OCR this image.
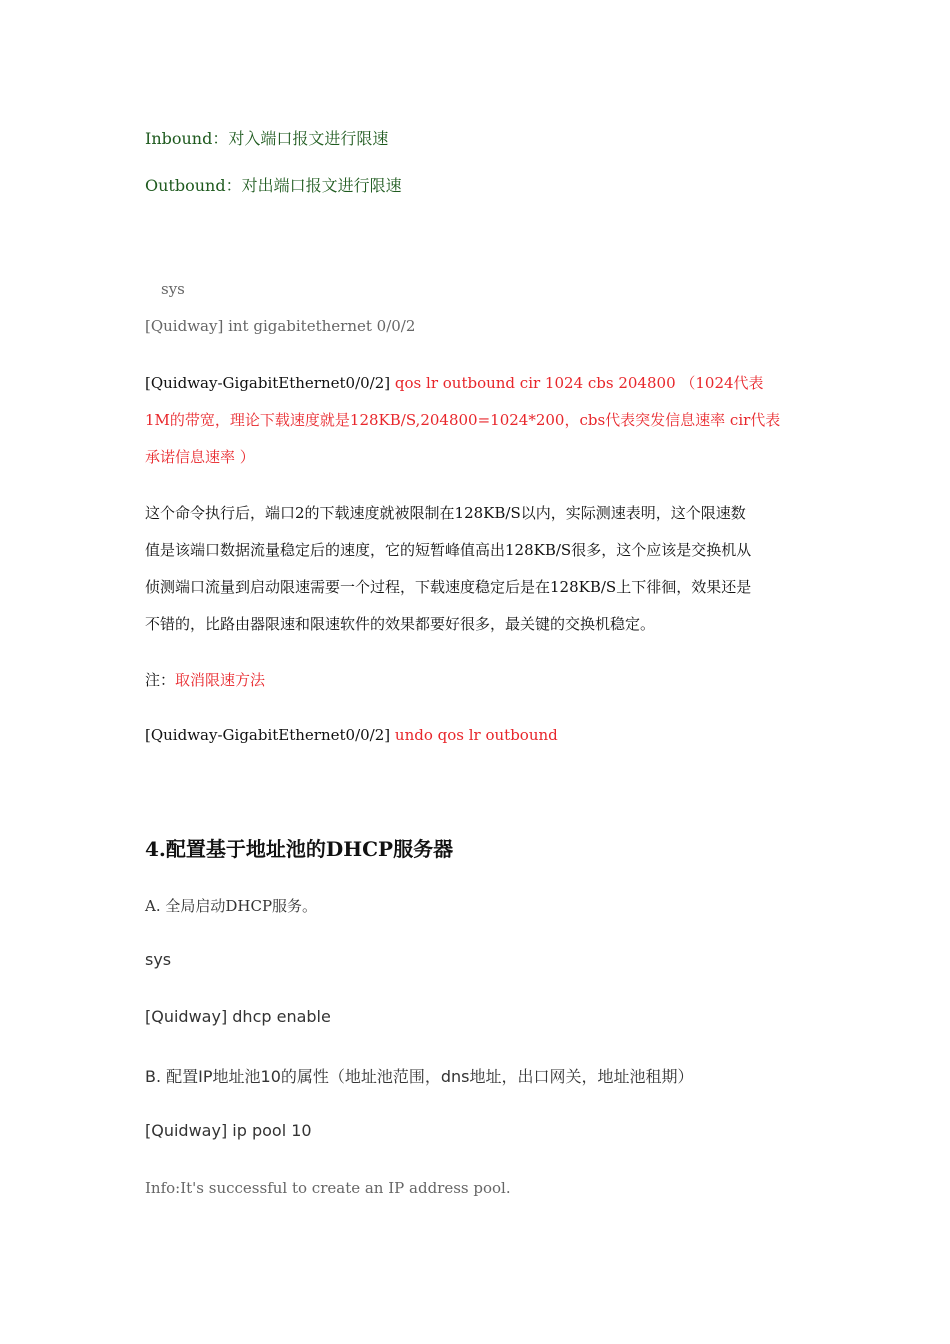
Inbound：对入端口报文进行限速

Outbound：对出端口报文进行限速

sys

[Quidway] int gigabitethernet 0/0/2

[Quidway-GigabitEthernet0/0/2] qos lr outbound cir 1024 cbs 204800 （1024代表

1M的带宽，理论下载速度就是128KB/S,204800=1024*200，cbs代表突发信息速率 cir代表

承诺信息速率 ）

这个命令执行后，端口2的下载速度就被限制在128KB/S以内，实际测速表明，这个限速数

值是该端口数据流量稳定后的速度，它的短暂峰值高出128KB/S很多，这个应该是交换机从

侦测端口流量到启动限速需要一个过程，下载速度稳定后是在128KB/S上下徘徊，效果还是

不错的，比路由器限速和限速软件的效果都要好很多，最关键的交换机稳定。

注：取消限速方法

[Quidway-GigabitEthernet0/0/2] undo qos lr outbound

4.配置基于地址池的DHCP服务器

A. 全局启动DHCP服务。

sys

[Quidway] dhcp enable

B. 配置IP地址池10的属性（地址池范围，dns地址，出口网关，地址池租期）

[Quidway] ip pool 10

Info:It's successful to create an IP address pool.
